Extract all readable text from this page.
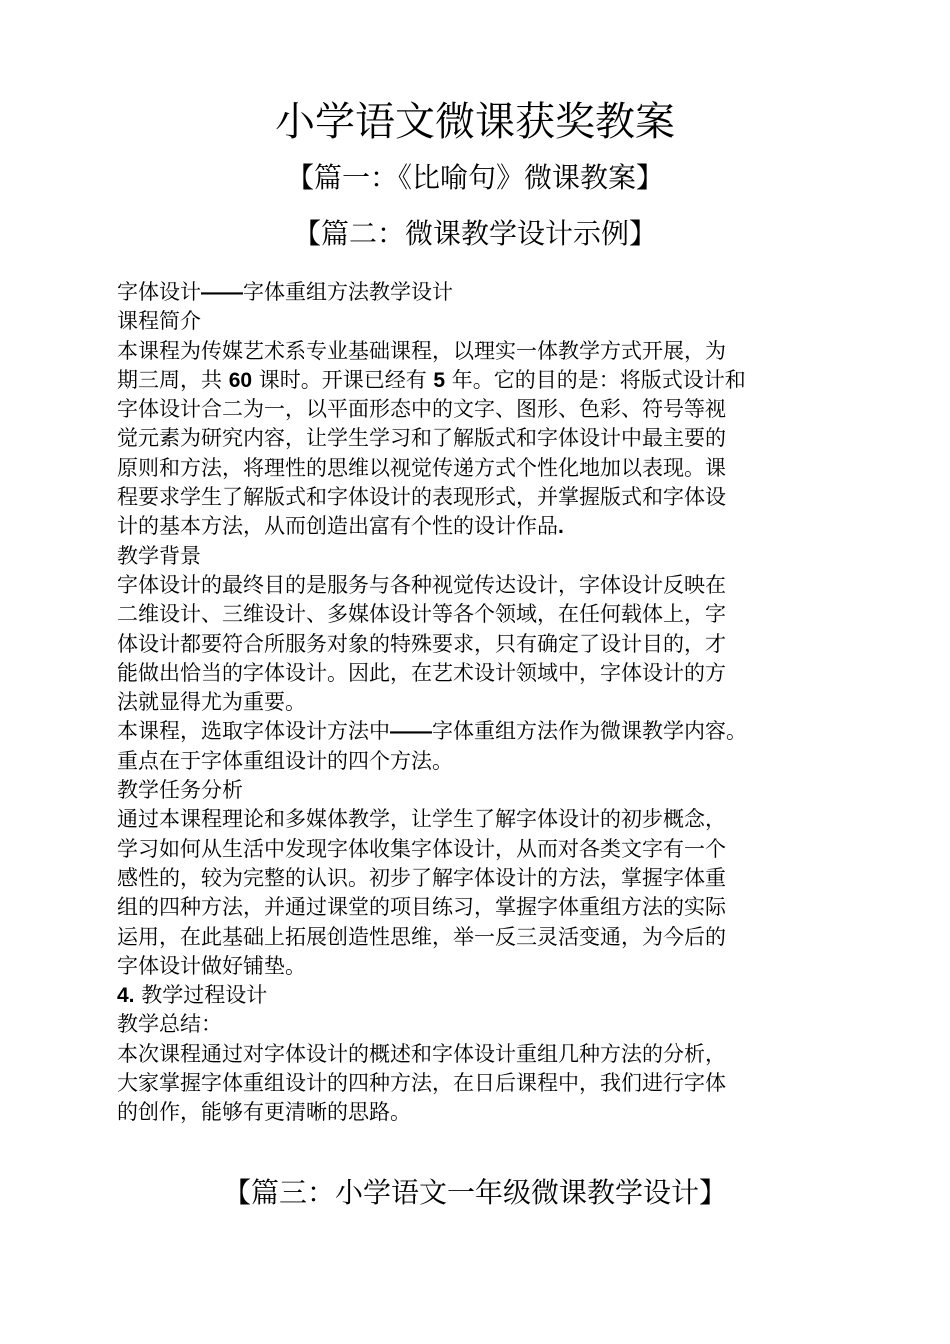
小学语文微课获奖教案
【篇一：《比喻句》微课教案】
【篇二：微课教学设计示例】
字体设计——字体重组方法教学设计
课程简介
本课程为传媒艺术系专业基础课程，以理实一体教学方式开展，为
期三周，共 60 课时。开课已经有 5 年。它的目的是：将版式设计和
字体设计合二为一，以平面形态中的文字、图形、色彩、符号等视
觉元素为研究内容，让学生学习和了解版式和字体设计中最主要的
原则和方法，将理性的思维以视觉传递方式个性化地加以表现。课
程要求学生了解版式和字体设计的表现形式，并掌握版式和字体设
计的基本方法，从而创造出富有个性的设计作品.
教学背景
字体设计的最终目的是服务与各种视觉传达设计，字体设计反映在
二维设计、三维设计、多媒体设计等各个领域，在任何载体上，字
体设计都要符合所服务对象的特殊要求，只有确定了设计目的，才
能做出恰当的字体设计。因此，在艺术设计领域中，字体设计的方
法就显得尤为重要。
本课程，选取字体设计方法中——字体重组方法作为微课教学内容。
重点在于字体重组设计的四个方法。
教学任务分析
通过本课程理论和多媒体教学，让学生了解字体设计的初步概念，
学习如何从生活中发现字体收集字体设计，从而对各类文字有一个
感性的，较为完整的认识。初步了解字体设计的方法，掌握字体重
组的四种方法，并通过课堂的项目练习，掌握字体重组方法的实际
运用，在此基础上拓展创造性思维，举一反三灵活变通，为今后的
字体设计做好铺垫。
4. 教学过程设计
教学总结：
本次课程通过对字体设计的概述和字体设计重组几种方法的分析，
大家掌握字体重组设计的四种方法，在日后课程中，我们进行字体
的创作，能够有更清晰的思路。
【篇三：小学语文一年级微课教学设计】
